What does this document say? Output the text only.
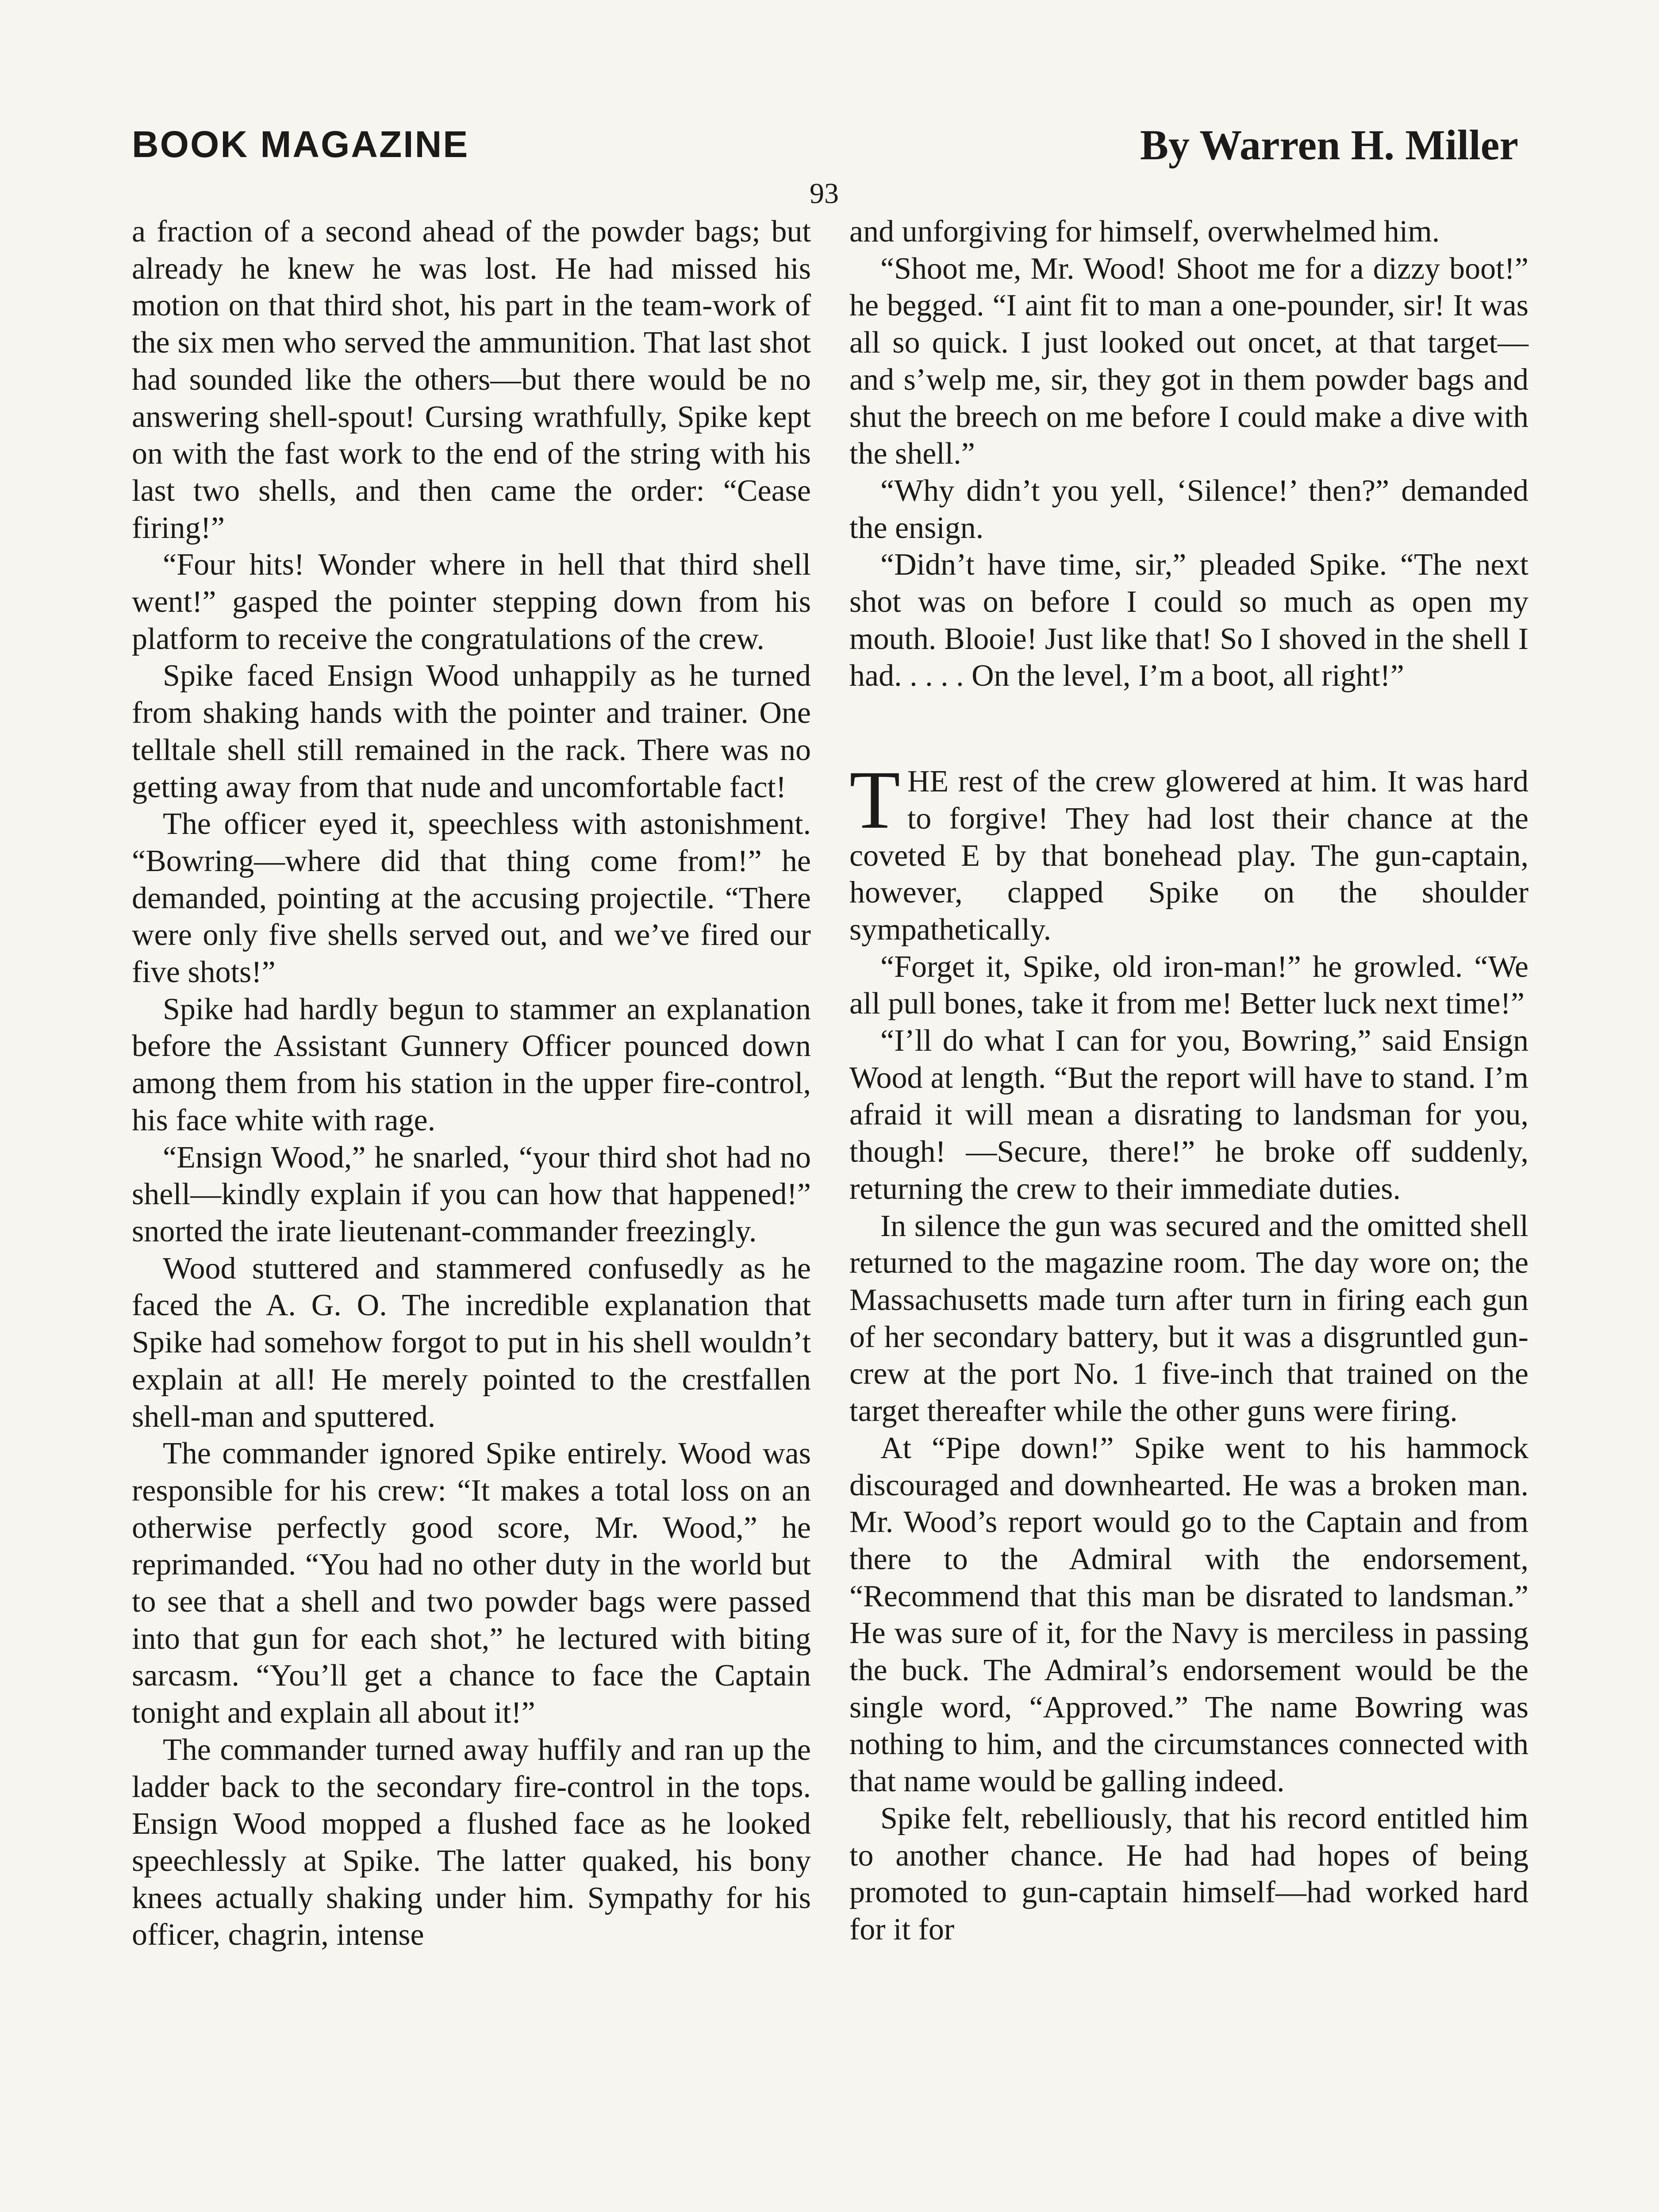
BOOK MAGAZINE	By Warren H. Miller
93

a fraction of a second ahead of the powder bags; but already he knew he was lost. He had missed his motion on that third shot, his part in the team-work of the six men who served the ammunition. That last shot had sounded like the others—but there would be no answering shell-spout! Cursing wrathfully, Spike kept on with the fast work to the end of the string with his last two shells, and then came the order: “Cease firing!”

“Four hits! Wonder where in hell that third shell went!” gasped the pointer stepping down from his platform to receive the congratulations of the crew.

Spike faced Ensign Wood unhappily as he turned from shaking hands with the pointer and trainer. One telltale shell still remained in the rack. There was no getting away from that nude and uncomfortable fact!

The officer eyed it, speechless with astonishment. “Bowring—where did that thing come from!” he demanded, pointing at the accusing projectile. “There were only five shells served out, and we’ve fired our five shots!”

Spike had hardly begun to stammer an explanation before the Assistant Gunnery Officer pounced down among them from his station in the upper fire-control, his face white with rage.

“Ensign Wood,” he snarled, “your third shot had no shell—kindly explain if you can how that happened!” snorted the irate lieutenant-commander freezingly.

Wood stuttered and stammered confusedly as he faced the A. G. O. The incredible explanation that Spike had somehow forgot to put in his shell wouldn’t explain at all! He merely pointed to the crestfallen shell-man and sputtered.

The commander ignored Spike entirely. Wood was responsible for his crew: “It makes a total loss on an otherwise perfectly good score, Mr. Wood,” he reprimanded. “You had no other duty in the world but to see that a shell and two powder bags were passed into that gun for each shot,” he lectured with biting sarcasm. “You’ll get a chance to face the Captain tonight and explain all about it!”

The commander turned away huffily and ran up the ladder back to the secondary fire-control in the tops. Ensign Wood mopped a flushed face as he looked speechlessly at Spike. The latter quaked, his bony knees actually shaking under him. Sympathy for his officer, chagrin, intense

and unforgiving for himself, overwhelmed him.

“Shoot me, Mr. Wood! Shoot me for a dizzy boot!” he begged. “I aint fit to man a one-pounder, sir! It was all so quick. I just looked out oncet, at that target—and s’welp me, sir, they got in them powder bags and shut the breech on me before I could make a dive with the shell.”

“Why didn’t you yell, ‘Silence!’ then?” demanded the ensign.

“Didn’t have time, sir,” pleaded Spike. “The next shot was on before I could so much as open my mouth. Blooie! Just like that! So I shoved in the shell I had. . . . . On the level, I’m a boot, all right!”

THE rest of the crew glowered at him. It was hard to forgive! They had lost their chance at the coveted E by that bonehead play. The gun-captain, however, clapped Spike on the shoulder sympathetically.

“Forget it, Spike, old iron-man!” he growled. “We all pull bones, take it from me! Better luck next time!”

“I’ll do what I can for you, Bowring,” said Ensign Wood at length. “But the report will have to stand. I’m afraid it will mean a disrating to landsman for you, though! —Secure, there!” he broke off suddenly, returning the crew to their immediate duties.

In silence the gun was secured and the omitted shell returned to the magazine room. The day wore on; the Massachusetts made turn after turn in firing each gun of her secondary battery, but it was a disgruntled gun-crew at the port No. 1 five-inch that trained on the target thereafter while the other guns were firing.

At “Pipe down!” Spike went to his hammock discouraged and downhearted. He was a broken man. Mr. Wood’s report would go to the Captain and from there to the Admiral with the endorsement, “Recommend that this man be disrated to landsman.” He was sure of it, for the Navy is merciless in passing the buck. The Admiral’s endorsement would be the single word, “Approved.” The name Bowring was nothing to him, and the circumstances connected with that name would be galling indeed.

Spike felt, rebelliously, that his record entitled him to another chance. He had had hopes of being promoted to gun-captain himself—had worked hard for it for
